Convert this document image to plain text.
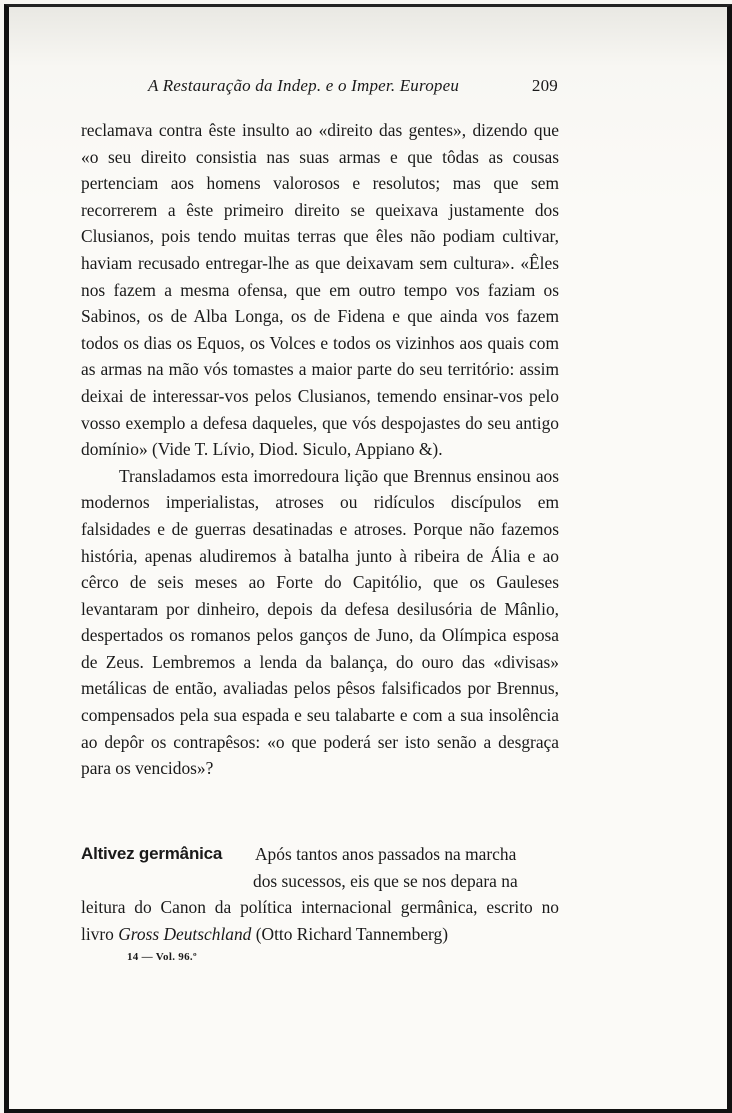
A Restauração da Indep. e o Imper. Europeu	209

reclamava contra êste insulto ao «direito das gentes», dizendo que «o seu direito consistia nas suas armas e que tôdas as cousas pertenciam aos homens valorosos e resolutos; mas que sem recorrerem a êste primeiro direito se queixava justamente dos Clusianos, pois tendo muitas terras que êles não podiam cultivar, haviam recusado entregar-lhe as que deixavam sem cultura». «Êles nos fazem a mesma ofensa, que em outro tempo vos faziam os Sabinos, os de Alba Longa, os de Fidena e que ainda vos fazem todos os dias os Equos, os Volces e todos os vizinhos aos quais com as armas na mão vós tomastes a maior parte do seu território: assim deixai de interessar-vos pelos Clusianos, temendo ensinar-vos pelo vosso exemplo a defesa daqueles, que vós despojastes do seu antigo domínio» (Vide T. Lívio, Diod. Siculo, Appiano &).

Transladamos esta imorredoura lição que Brennus ensinou aos modernos imperialistas, atroses ou ridículos discípulos em falsidades e de guerras desatinadas e atroses. Porque não fazemos história, apenas aludiremos à batalha junto à ribeira de Ália e ao cêrco de seis meses ao Forte do Capitólio, que os Gauleses levantaram por dinheiro, depois da defesa desilusória de Mânlio, despertados os romanos pelos ganços de Juno, da Olímpica esposa de Zeus. Lembremos a lenda da balança, do ouro das «divisas» metálicas de então, avaliadas pelos pêsos falsificados por Brennus, compensados pela sua espada e seu talabarte e com a sua insolência ao depôr os contrapêsos: «o que poderá ser isto senão a desgraça para os vencidos»?

Altivez germânica	Após tantos anos passados na marcha
dos sucessos, eis que se nos depara na
leitura do Canon da política internacional germânica, escrito no livro Gross Deutschland (Otto Richard Tannemberg)
14 — Vol. 96.º
